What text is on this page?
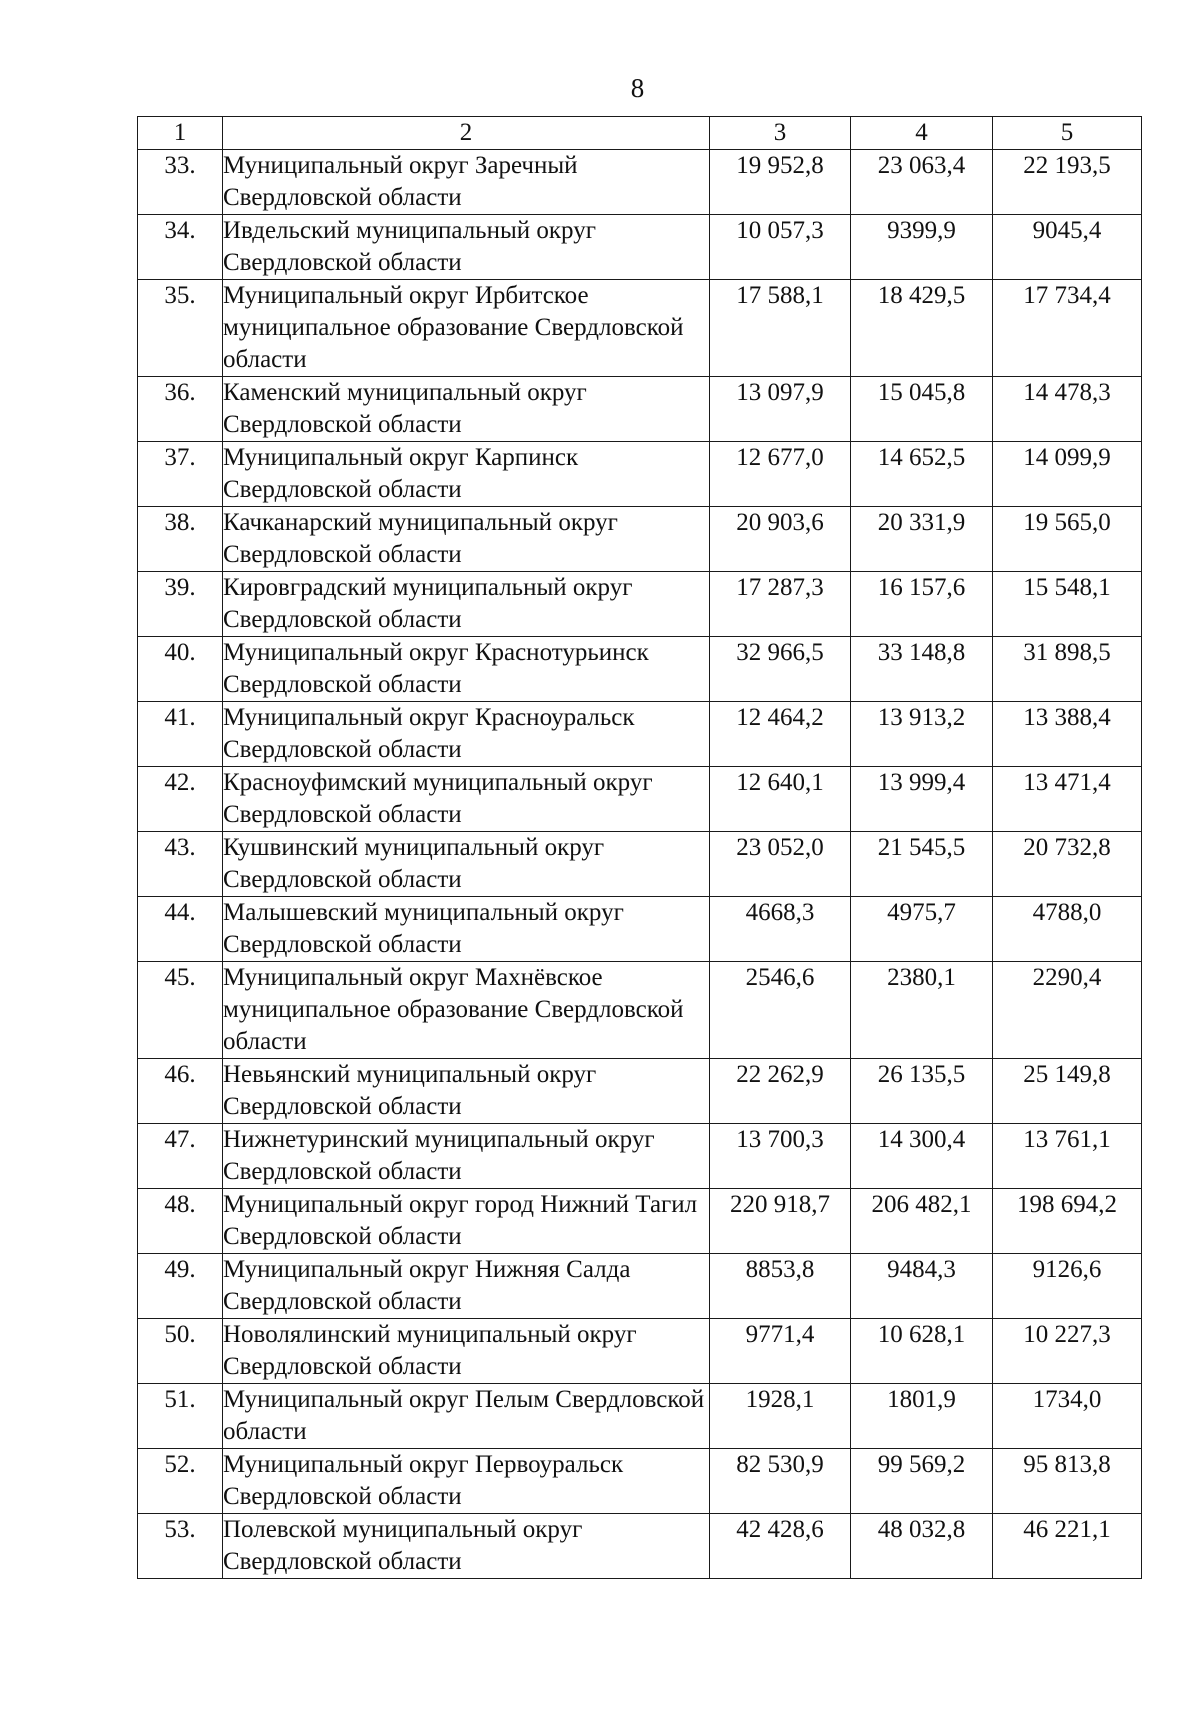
8
1	2	3	4	5
33.	Муниципальный округ Заречный Свердловской области	19 952,8	23 063,4	22 193,5
34.	Ивдельский муниципальный округ Свердловской области	10 057,3	9399,9	9045,4
35.	Муниципальный округ Ирбитское муниципальное образование Свердловской области	17 588,1	18 429,5	17 734,4
36.	Каменский муниципальный округ Свердловской области	13 097,9	15 045,8	14 478,3
37.	Муниципальный округ Карпинск Свердловской области	12 677,0	14 652,5	14 099,9
38.	Качканарский муниципальный округ Свердловской области	20 903,6	20 331,9	19 565,0
39.	Кировградский муниципальный округ Свердловской области	17 287,3	16 157,6	15 548,1
40.	Муниципальный округ Краснотурьинск Свердловской области	32 966,5	33 148,8	31 898,5
41.	Муниципальный округ Красноуральск Свердловской области	12 464,2	13 913,2	13 388,4
42.	Красноуфимский муниципальный округ Свердловской области	12 640,1	13 999,4	13 471,4
43.	Кушвинский муниципальный округ Свердловской области	23 052,0	21 545,5	20 732,8
44.	Малышевский муниципальный округ Свердловской области	4668,3	4975,7	4788,0
45.	Муниципальный округ Махнёвское муниципальное образование Свердловской области	2546,6	2380,1	2290,4
46.	Невьянский муниципальный округ Свердловской области	22 262,9	26 135,5	25 149,8
47.	Нижнетуринский муниципальный округ Свердловской области	13 700,3	14 300,4	13 761,1
48.	Муниципальный округ город Нижний Тагил Свердловской области	220 918,7	206 482,1	198 694,2
49.	Муниципальный округ Нижняя Салда Свердловской области	8853,8	9484,3	9126,6
50.	Новолялинский муниципальный округ Свердловской области	9771,4	10 628,1	10 227,3
51.	Муниципальный округ Пелым Свердловской области	1928,1	1801,9	1734,0
52.	Муниципальный округ Первоуральск Свердловской области	82 530,9	99 569,2	95 813,8
53.	Полевской муниципальный округ Свердловской области	42 428,6	48 032,8	46 221,1
